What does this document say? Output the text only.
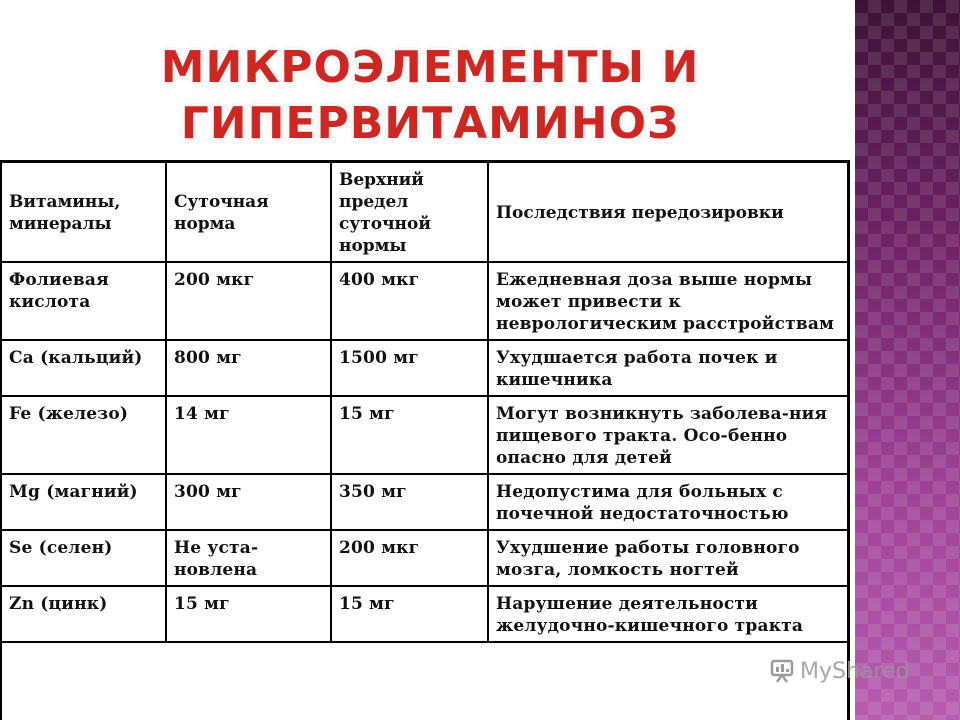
МИКРОЭЛЕМЕНТЫ И
ГИПЕРВИТАМИНОЗ
Витамины, минералы	Суточная норма	Верхний предел суточной нормы	Последствия передозировки
Фолиевая кислота	200 мкг	400 мкг	Ежедневная доза выше нормы может привести к неврологическим расстройствам
Ca (кальций)	800 мг	1500 мг	Ухудшается работа почек и кишечника
Fe (железо)	14 мг	15 мг	Могут возникнуть заболева-ния пищевого тракта. Осо-бенно опасно для детей
Mg (магний)	300 мг	350 мг	Недопустима для больных с почечной недостаточностью
Se (селен)	Не уста-новлена	200 мкг	Ухудшение работы головного мозга, ломкость ногтей
Zn (цинк)	15 мг	15 мг	Нарушение деятельности желудочно-кишечного тракта
MyShared
